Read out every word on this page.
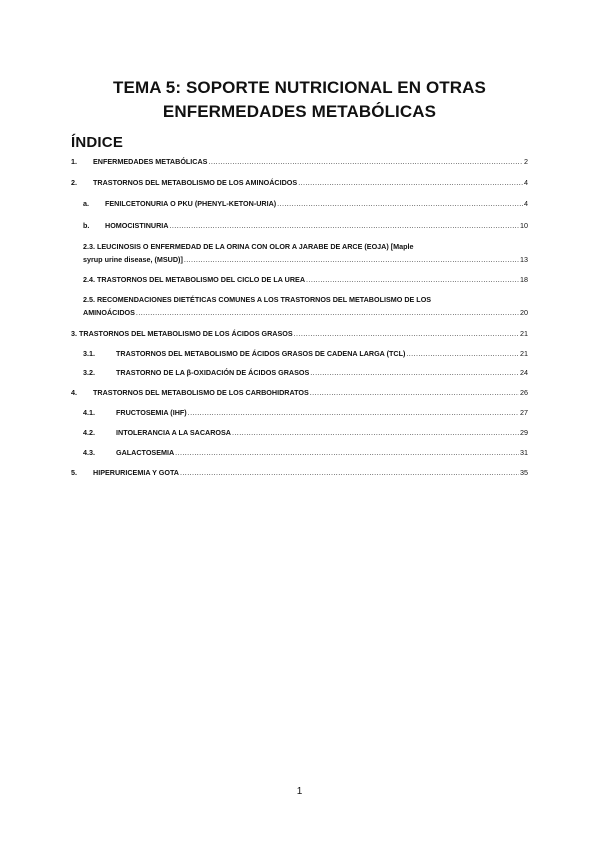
TEMA 5: SOPORTE NUTRICIONAL EN OTRAS
ENFERMEDADES METABÓLICAS
ÍNDICE
1.	ENFERMEDADES METABÓLICAS .....	2
2.	TRASTORNOS DEL METABOLISMO DE LOS AMINOÁCIDOS .....	4
a.	FENILCETONURIA O PKU (PHENYL-KETON-URIA) .....	4
b.	HOMOCISTINURIA .....	10
2.3. LEUCINOSIS O ENFERMEDAD DE LA ORINA CON OLOR A JARABE DE ARCE (EOJA) [Maple
syrup urine disease, (MSUD)] .....	13
2.4. TRASTORNOS DEL METABOLISMO DEL CICLO DE LA UREA .....	18
2.5. RECOMENDACIONES DIETÉTICAS COMUNES A LOS TRASTORNOS DEL METABOLISMO DE LOS
AMINOÁCIDOS .....	20
3. TRASTORNOS DEL METABOLISMO DE LOS ÁCIDOS GRASOS .....	21
3.1.	TRASTORNOS DEL METABOLISMO DE ÁCIDOS GRASOS DE CADENA LARGA (TCL) .....	21
3.2.	TRASTORNO DE LA β-OXIDACIÓN DE ÁCIDOS GRASOS .....	24
4.	TRASTORNOS DEL METABOLISMO DE LOS CARBOHIDRATOS .....	26
4.1.	FRUCTOSEMIA (IHF) .....	27
4.2.	INTOLERANCIA A LA SACAROSA .....	29
4.3.	GALACTOSEMIA .....	31
5.	HIPERURICEMIA Y GOTA .....	35
1
